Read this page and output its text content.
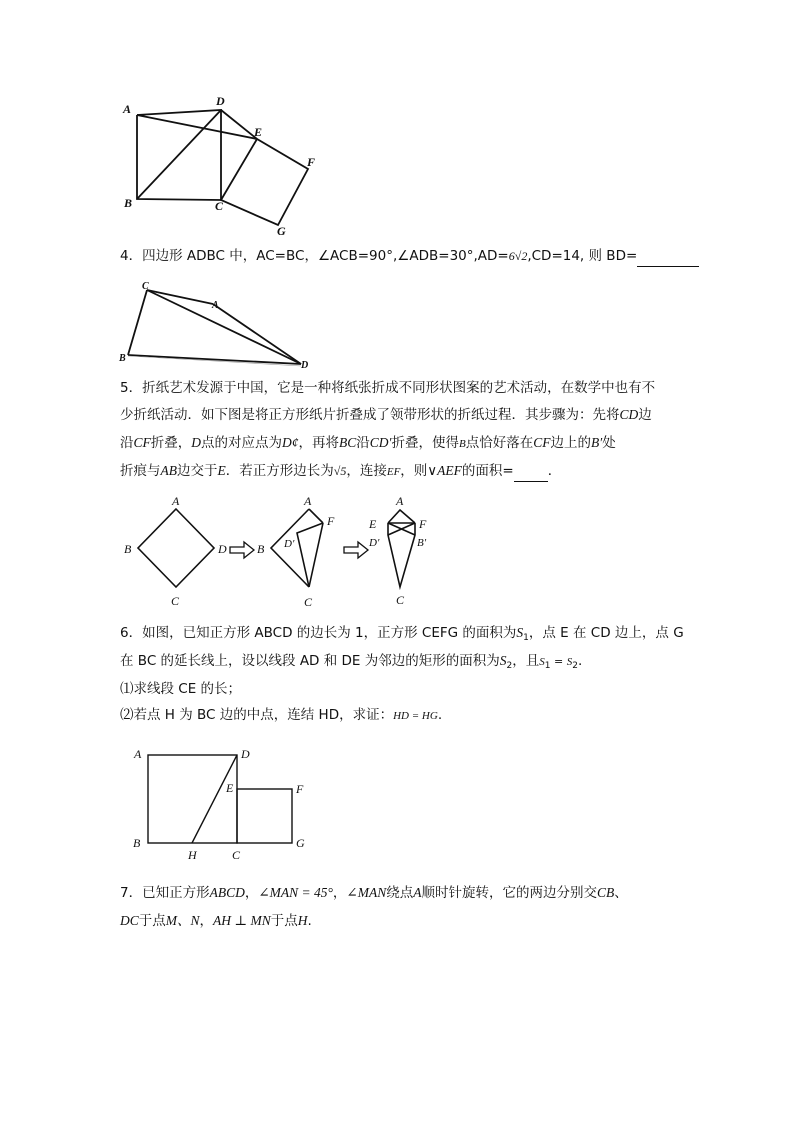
A
D
E
F
B	C
G
4．四边形 ADBC 中，AC=BC，∠ACB=90°,∠ADB=30°,AD=6√2,CD=14, 则 BD=
C
A
B
D
5．折纸艺术发源于中国，它是一种将纸张折成不同形状图案的艺术活动，在数学中也有不
少折纸活动．如下图是将正方形纸片折叠成了领带形状的折纸过程．其步骤为：先将CD边
沿CF折叠，D点的对应点为D¢，再将BC沿CD′折叠，使得B点恰好落在CF边上的B′处
折痕与AB边交于E．若正方形边长为√5，连接EF，则∨AEF的面积=	．
A
B	D
C
A
F
D′
B
C
A
E	F
D′	B′
C
6．如图，已知正方形 ABCD 的边长为 1，正方形 CEFG 的面积为$S_1$，点 E 在 CD 边上，点 G
在 BC 的延长线上，设以线段 AD 和 DE 为邻边的矩形的面积为$S_2$，且$S_1 = S_2$.
⑴求线段 CE 的长；
⑵若点 H 为 BC 边的中点，连结 HD，求证：HD = HG.
A	D
E	F
B
H	C
G
7．已知正方形ABCD，∠MAN = 45°，∠MAN绕点A顺时针旋转，它的两边分别交CB、
DC于点M、N，AH ⊥ MN于点H.
